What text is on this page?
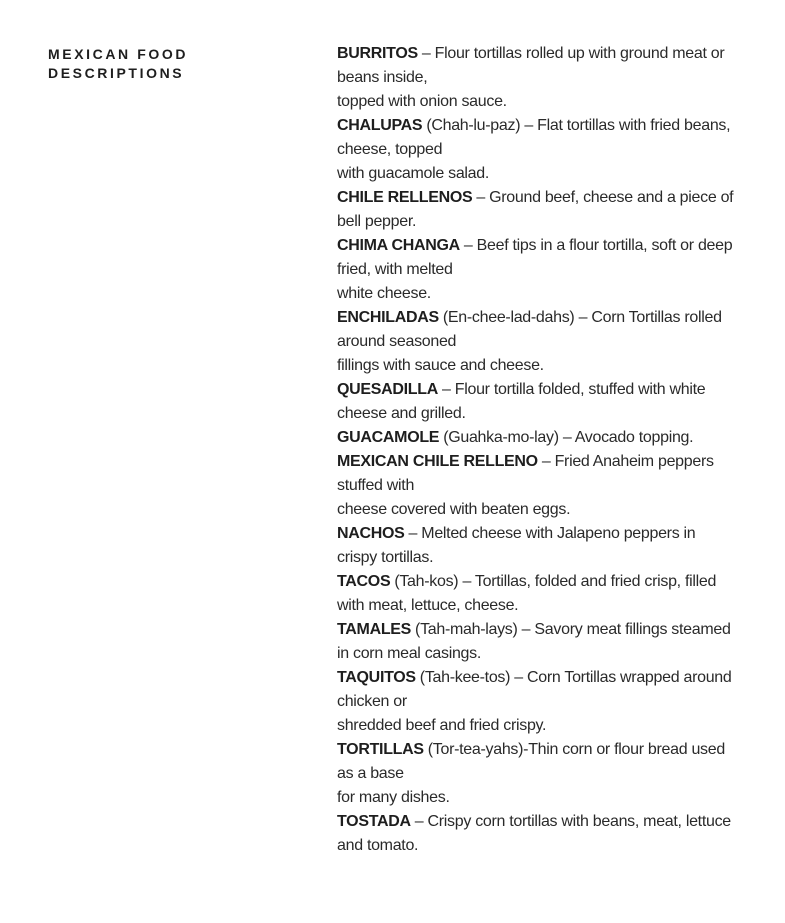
MEXICAN FOOD
DESCRIPTIONS

BURRITOS – Flour tortillas rolled up with ground meat or beans inside,
topped with onion sauce.

CHALUPAS (Chah-lu-paz) – Flat tortillas with fried beans, cheese, topped
with guacamole salad.

CHILE RELLENOS – Ground beef, cheese and a piece of bell pepper.

CHIMA CHANGA – Beef tips in a flour tortilla, soft or deep fried, with melted
white cheese.

ENCHILADAS (En-chee-lad-dahs) – Corn Tortillas rolled around seasoned
fillings with sauce and cheese.

QUESADILLA – Flour tortilla folded, stuffed with white cheese and grilled.

GUACAMOLE (Guahka-mo-lay) – Avocado topping.

MEXICAN CHILE RELLENO – Fried Anaheim peppers stuffed with
cheese covered with beaten eggs.

NACHOS – Melted cheese with Jalapeno peppers in crispy tortillas.

TACOS (Tah-kos) – Tortillas, folded and fried crisp, filled with meat, lettuce, cheese.

TAMALES (Tah-mah-lays) – Savory meat fillings steamed in corn meal casings.

TAQUITOS (Tah-kee-tos) – Corn Tortillas wrapped around chicken or
shredded beef and fried crispy.

TORTILLAS (Tor-tea-yahs)-Thin corn or flour bread used as a base
for many dishes.

TOSTADA – Crispy corn tortillas with beans, meat, lettuce and tomato.
